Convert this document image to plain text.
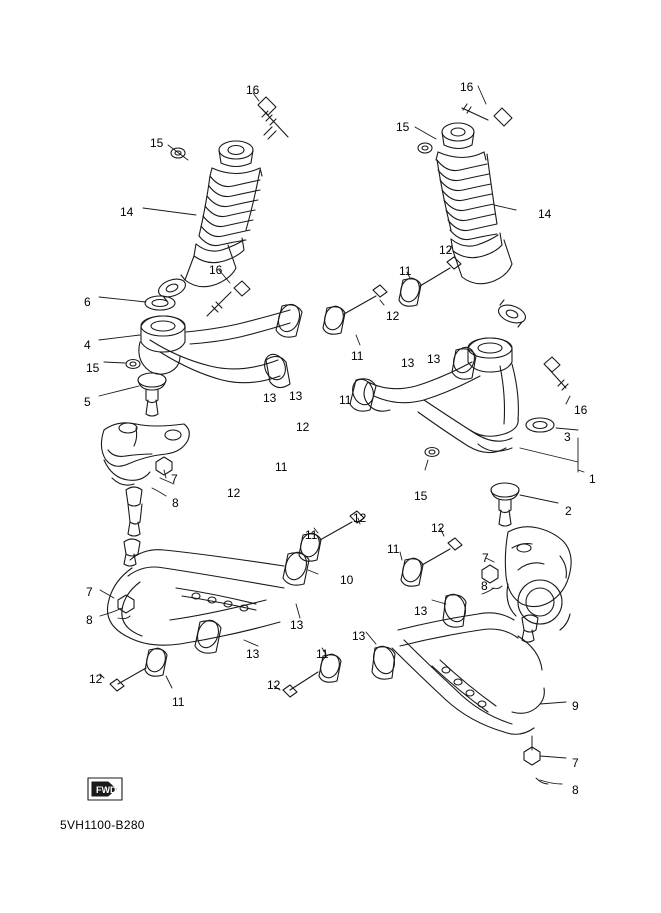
16	16
15
15
14	14
16
12
11
12
6
4
11	13 13
15
13 13
5	11
12
16
3
1
11
12	15
2
7
8
12
11	12
11
7
8
10
13
13
7
8
13
13
12
11
11
12
9
7
8
FWD
5VH1100-B280
